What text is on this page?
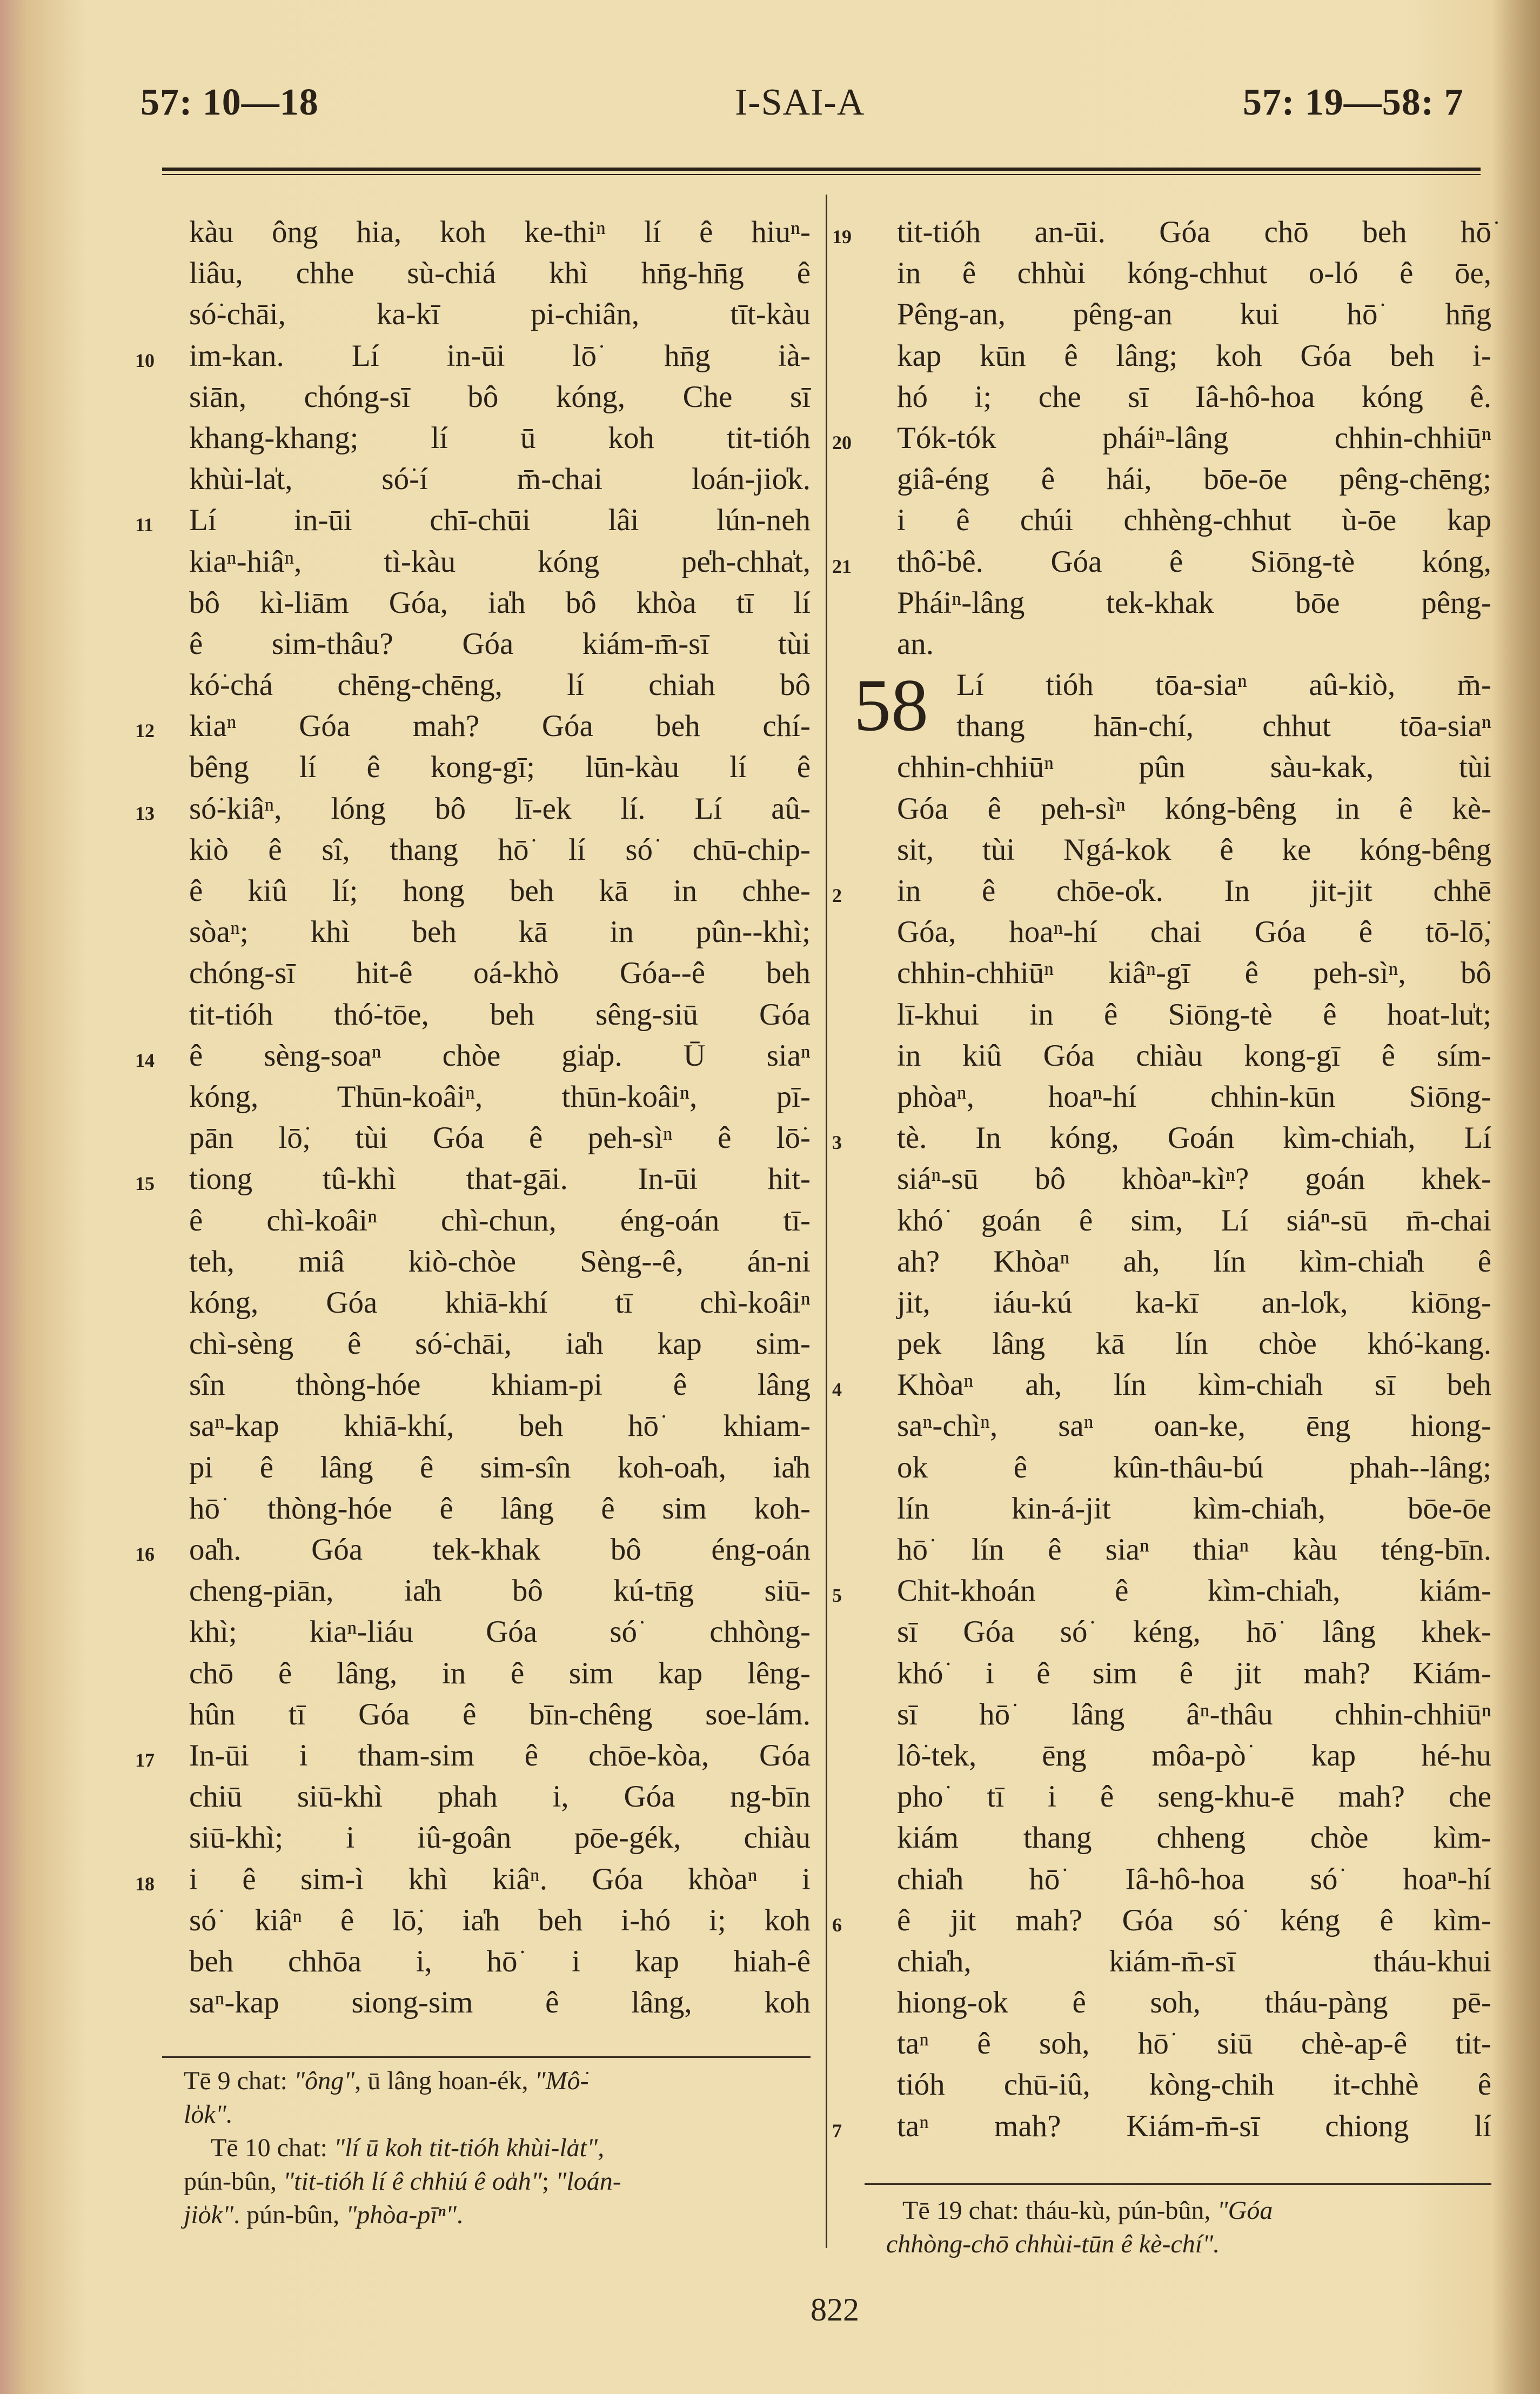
57: 10—18	I-SAI-A	57: 19—58: 7
kàu ông hia, koh ke-thiⁿ lí ê hiuⁿ-
liâu, chhe sù-chiá khì hn̄g-hn̄g ê
só͘-chāi, ka-kī pi-chiân, tīt-kàu
10 im-kan. Lí in-ūi lō͘ hn̄g ià-
siān, chóng-sī bô kóng, Che sī
khang-khang; lí ū koh tit-tióh
khùi-la̍t, só͘-í m̄-chai loán-jio̍k.
11 Lí in-ūi chī-chūi lâi lún-neh
kiaⁿ-hiâⁿ, tì-kàu kóng pe̍h-chha̍t,
bô kì-liām Góa, ia̍h bô khòa tī lí
ê sim-thâu? Góa kiám-m̄-sī tùi
kó͘-chá chēng-chēng, lí chiah bô
12 kiaⁿ Góa mah? Góa beh chí-
bêng lí ê kong-gī; lūn-kàu lí ê
13 só͘-kiâⁿ, lóng bô lī-ek lí. Lí aû-
kiò ê sî, thang hō͘ lí só͘ chū-chip-
ê kiû lí; hong beh kā in chhe-
sòaⁿ; khì beh kā in pûn--khì;
chóng-sī hit-ê oá-khò Góa--ê beh
tit-tióh thó͘-tōe, beh sêng-siū Góa
14 ê sèng-soaⁿ chòe gia̍p. Ū siaⁿ
kóng, Thūn-koâiⁿ, thūn-koâiⁿ, pī-
pān lō͘, tùi Góa ê peh-sìⁿ ê lō͘-
15 tiong tû-khì that-gāi. In-ūi hit-
ê chì-koâiⁿ chì-chun, éng-oán tī-
teh, miâ kiò-chòe Sèng--ê, án-ni
kóng, Góa khiā-khí tī chì-koâiⁿ
chì-sèng ê só͘-chāi, ia̍h kap sim-
sîn thòng-hóe khiam-pi ê lâng
saⁿ-kap khiā-khí, beh hō͘ khiam-
pi ê lâng ê sim-sîn koh-oa̍h, ia̍h
hō͘ thòng-hóe ê lâng ê sim koh-
16 oa̍h. Góa tek-khak bô éng-oán
cheng-piān, ia̍h bô kú-tn̄g siū-
khì; kiaⁿ-liáu Góa só͘ chhòng-
chō ê lâng, in ê sim kap lêng-
hûn tī Góa ê bīn-chêng soe-lám.
17 In-ūi i tham-sim ê chōe-kòa, Góa
chiū siū-khì phah i, Góa ng-bīn
siū-khì; i iû-goân pōe-gék, chiàu
18 i ê sim-ì khì kiâⁿ. Góa khòaⁿ i
só͘ kiâⁿ ê lō͘, ia̍h beh i-hó i; koh
beh chhōa i, hō͘ i kap hiah-ê
saⁿ-kap siong-sim ê lâng, koh
19 tit-tióh an-ūi. Góa chō beh hō͘
in ê chhùi kóng-chhut o-ló ê ōe,
Pêng-an, pêng-an kui hō͘ hn̄g
kap kūn ê lâng; koh Góa beh i-
hó i; che sī Iâ-hô-hoa kóng ê.
20 Tók-tók pháiⁿ-lâng chhin-chhiūⁿ
giâ-éng ê hái, bōe-ōe pêng-chēng;
i ê chúi chhèng-chhut ù-ōe kap
21 thô͘-bê. Góa ê Siōng-tè kóng,
Pháiⁿ-lâng tek-khak bōe pêng-
an.
58 Lí tióh tōa-siaⁿ aû-kiò, m̄-
thang hān-chí, chhut tōa-siaⁿ
chhin-chhiūⁿ pûn sàu-kak, tùi
Góa ê peh-sìⁿ kóng-bêng in ê kè-
sit, tùi Ngá-kok ê ke kóng-bêng
2 in ê chōe-o̍k. In jit-jit chhē
Góa, hoaⁿ-hí chai Góa ê tō-lō͘,
chhin-chhiūⁿ kiâⁿ-gī ê peh-sìⁿ, bô
lī-khui in ê Siōng-tè ê hoat-lu̍t;
in kiû Góa chiàu kong-gī ê sím-
phòaⁿ, hoaⁿ-hí chhin-kūn Siōng-
3 tè. In kóng, Goán kìm-chia̍h, Lí
siáⁿ-sū bô khòaⁿ-kìⁿ? goán khek-
khó͘ goán ê sim, Lí siáⁿ-sū m̄-chai
ah? Khòaⁿ ah, lín kìm-chia̍h ê
jit, iáu-kú ka-kī an-lo̍k, kiōng-
pek lâng kā lín chòe khó͘-kang.
4 Khòaⁿ ah, lín kìm-chia̍h sī beh
saⁿ-chìⁿ, saⁿ oan-ke, ēng hiong-
ok ê kûn-thâu-bú phah--lâng;
lín kin-á-jit kìm-chia̍h, bōe-ōe
hō͘ lín ê siaⁿ thiaⁿ kàu téng-bīn.
5 Chit-khoán ê kìm-chia̍h, kiám-
sī Góa só͘ kéng, hō͘ lâng khek-
khó͘ i ê sim ê jit mah? Kiám-
sī hō͘ lâng âⁿ-thâu chhin-chhiūⁿ
lô͘-tek, ēng môa-pò͘ kap hé-hu
pho͘ tī i ê seng-khu-ē mah? che
kiám thang chheng chòe kìm-
chia̍h hō͘ Iâ-hô-hoa só͘ hoaⁿ-hí
6 ê jit mah? Góa só͘ kéng ê kìm-
chia̍h, kiám-m̄-sī tháu-khui
hiong-ok ê soh, tháu-pàng pē-
taⁿ ê soh, hō͘ siū chè-ap-ê tit-
tióh chū-iû, kòng-chih it-chhè ê
7 taⁿ mah? Kiám-m̄-sī chiong lí
Tē 9 chat: "ông", ū lâng hoan-ék, "Mô͘-
lo̍k".
Tē 10 chat: "lí ū koh tit-tióh khùi-la̍t",
pún-bûn, "tit-tióh lí ê chhiú ê oa̍h"; "loán-
jio̍k". pún-bûn, "phòa-pīⁿ".	Tē 19 chat: tháu-kù, pún-bûn, "Góa
chhòng-chō chhùi-tūn ê kè-chí".
822
